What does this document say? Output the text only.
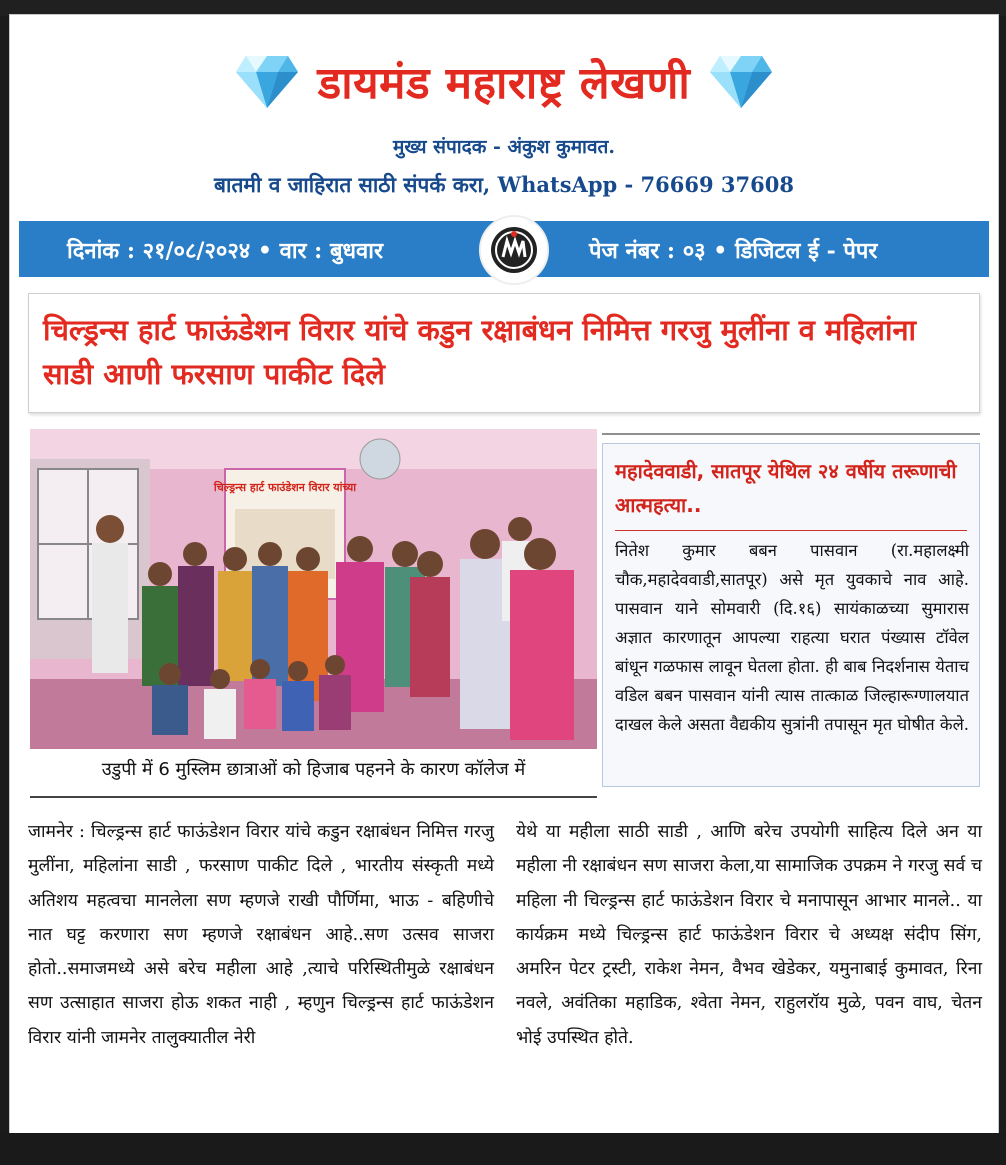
डायमंड महाराष्ट्र लेखणी
मुख्य संपादक - अंकुश कुमावत.
बातमी व जाहिरात साठी संपर्क करा, WhatsApp - 76669 37608
दिनांक : २१/०८/२०२४ • वार : बुधवार	पेज नंबर : ०३ • डिजिटल ई - पेपर
चिल्ड्रन्स हार्ट फाऊंडेशन विरार यांचे कडुन रक्षाबंधन निमित्त गरजु मुलींना व महिलांना साडी आणी फरसाण पाकीट दिले
चिल्ड्रन्स हार्ट फाउंडेशन विरार यांच्या
उडुपी में 6 मुस्लिम छात्राओं को हिजाब पहनने के कारण कॉलेज में
महादेववाडी, सातपूर येथिल २४ वर्षीय तरूणाची आत्महत्या..
नितेश कुमार बबन पासवान (रा.महालक्ष्मी चौक,महादेववाडी,सातपूर) असे मृत युवकाचे नाव आहे. पासवान याने सोमवारी (दि.१६) सायंकाळच्या सुमारास अज्ञात कारणातून आपल्या राहत्या घरात पंख्यास टॉवेल बांधून गळफास लावून घेतला होता. ही बाब निदर्शनास येताच वडिल बबन पासवान यांनी त्यास तात्काळ जिल्हारूग्णालयात दाखल केले असता वैद्यकीय सुत्रांनी तपासून मृत घोषीत केले.
जामनेर : चिल्ड्रन्स हार्ट फाऊंडेशन विरार यांचे कडुन रक्षाबंधन निमित्त गरजु मुलींना, महिलांना साडी , फरसाण पाकीट दिले , भारतीय संस्कृती मध्ये अतिशय महत्वचा मानलेला सण म्हणजे राखी पौर्णिमा, भाऊ - बहिणीचे नात घट्ट करणारा सण म्हणजे रक्षाबंधन आहे..सण उत्सव साजरा होतो..समाजमध्ये असे बरेच महीला आहे ,त्याचे परिस्थितीमुळे रक्षाबंधन सण उत्साहात साजरा होऊ शकत नाही , म्हणुन चिल्ड्रन्स हार्ट फाऊंडेशन विरार यांनी जामनेर तालुक्यातील नेरी
येथे या महीला साठी साडी , आणि बरेच उपयोगी साहित्य दिले अन या महीला नी रक्षाबंधन सण साजरा केला,या सामाजिक उपक्रम ने गरजु सर्व च महिला नी चिल्ड्रन्स हार्ट फाऊंडेशन विरार चे मनापासून आभार मानले.. या कार्यक्रम मध्ये चिल्ड्रन्स हार्ट फाऊंडेशन विरार चे अध्यक्ष संदीप सिंग, अमरिन पेटर ट्रस्टी, राकेश नेमन, वैभव खेडेकर, यमुनाबाई कुमावत, रिना नवले, अवंतिका महाडिक, श्वेता नेमन, राहुलरॉय मुळे, पवन वाघ, चेतन भोई उपस्थित होते.
